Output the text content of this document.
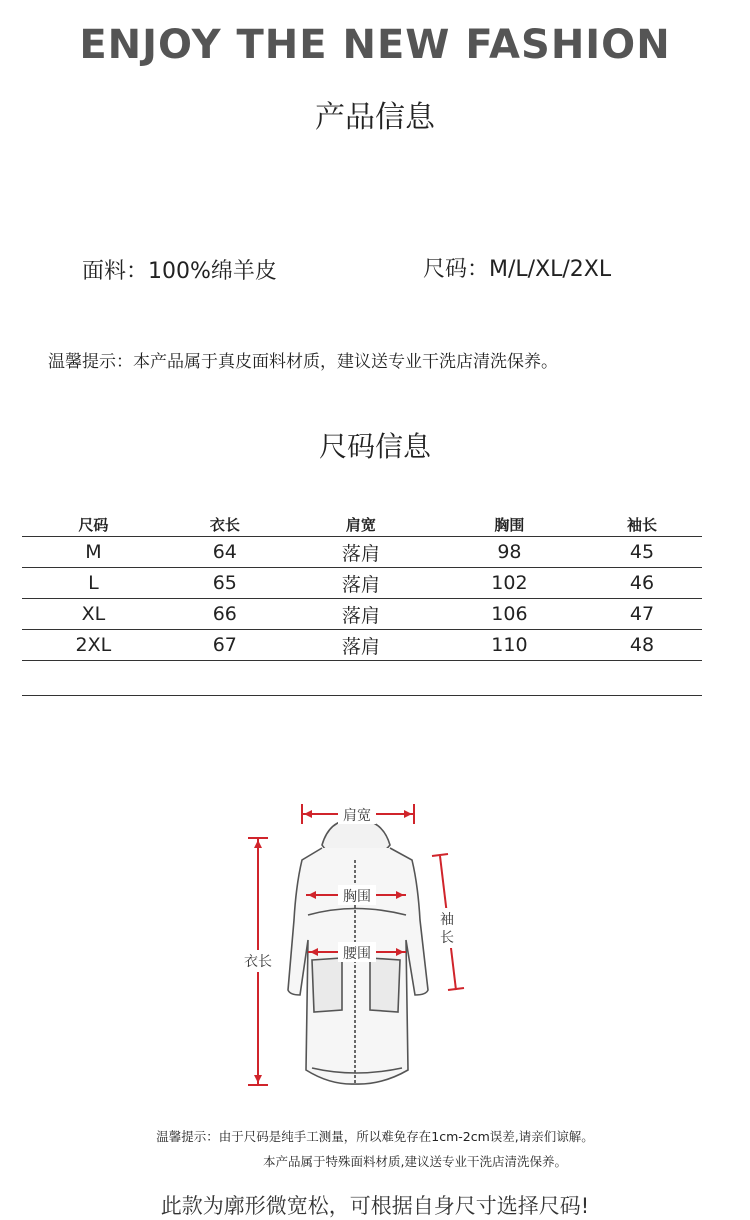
ENJOY THE NEW FASHION
产品信息
面料：100%绵羊皮	尺码：M/L/XL/2XL
温馨提示：本产品属于真皮面料材质，建议送专业干洗店清洗保养。
尺码信息
尺码	衣长	肩宽	胸围	袖长
M	64	落肩	98	45
L	65	落肩	102	46
XL	66	落肩	106	47
2XL	67	落肩	110	48

肩宽
胸围
腰围
衣长
袖
长
温馨提示：由于尺码是纯手工测量，所以难免存在1cm-2cm误差,请亲们谅解。
本产品属于特殊面料材质,建议送专业干洗店清洗保养。
此款为廓形微宽松，可根据自身尺寸选择尺码!
